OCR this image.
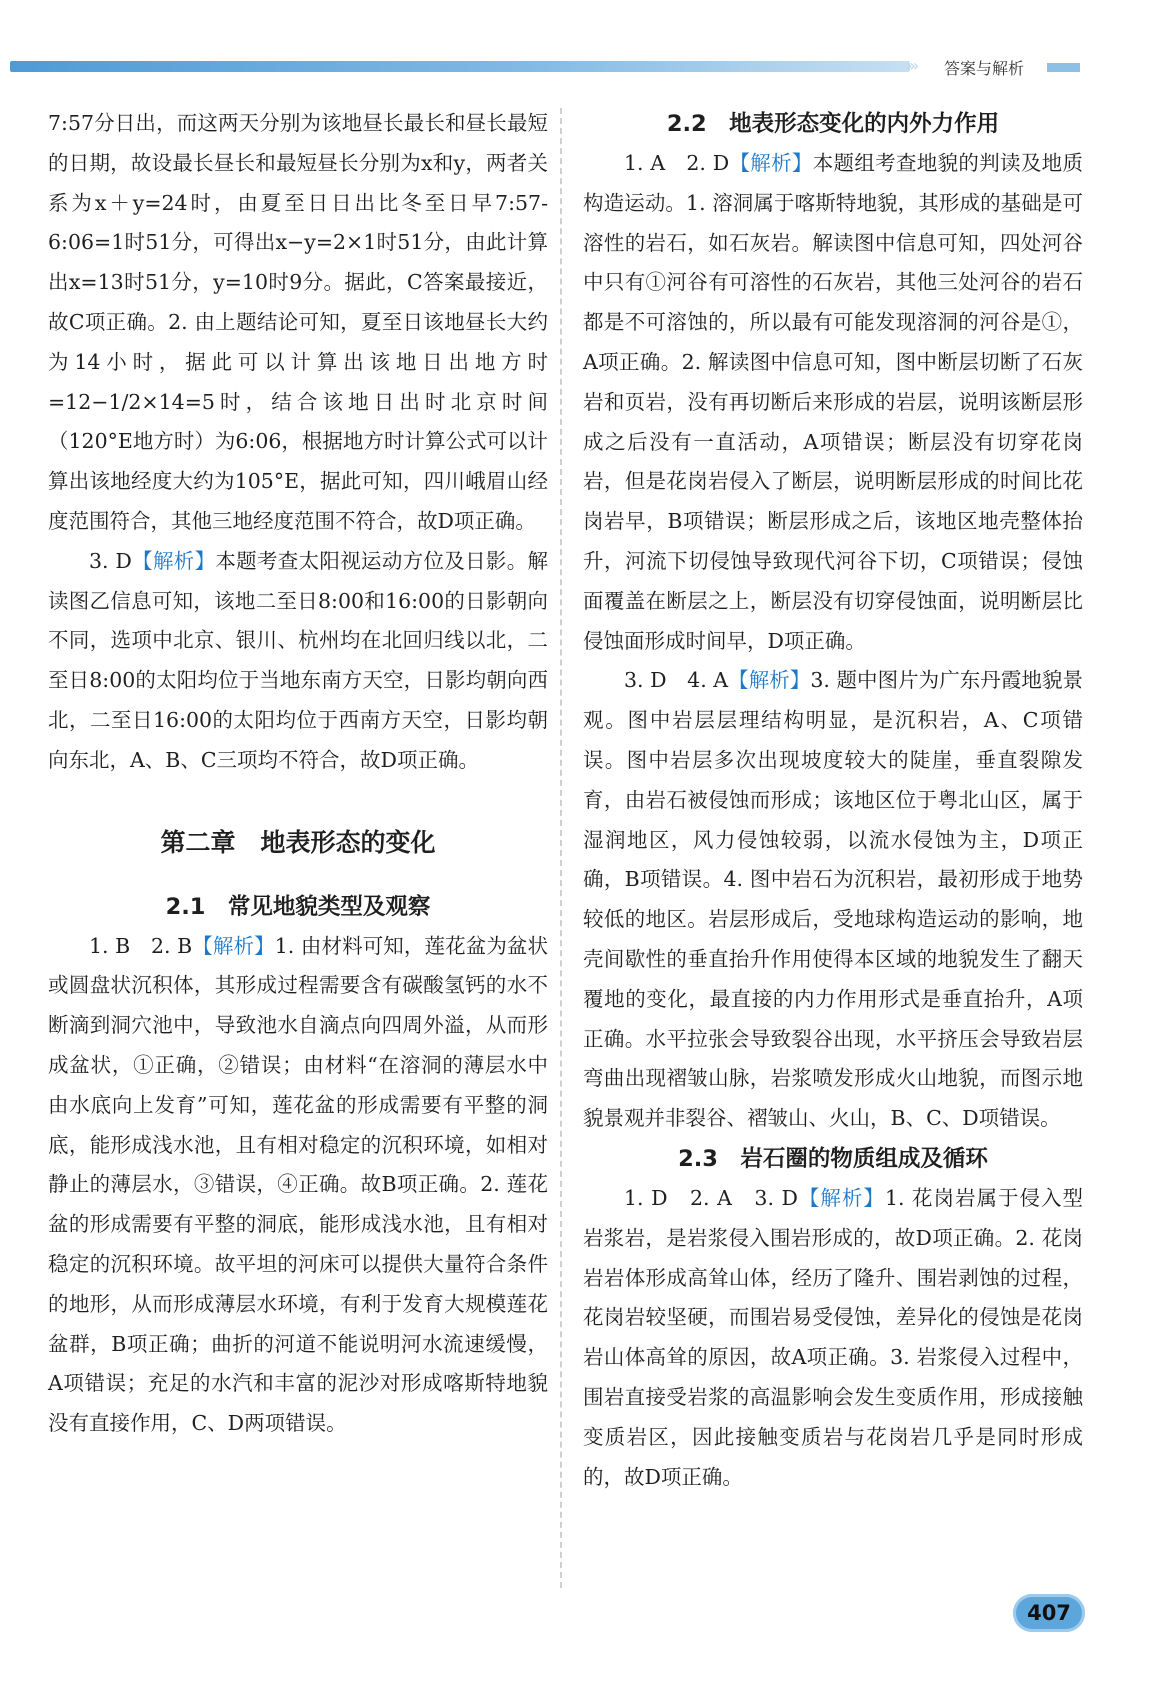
››› 答案与解析

7:57分日出，而这两天分别为该地昼长最长和昼长最短的日期，故设最长昼长和最短昼长分别为x和y，两者关系为x＋y=24时，由夏至日日出比冬至日早7:57-6:06=1时51分，可得出x−y=2×1时51分，由此计算出x=13时51分，y=10时9分。据此，C答案最接近，故C项正确。2. 由上题结论可知，夏至日该地昼长大约为14小时，据此可以计算出该地日出地方时=12−1/2×14=5时，结合该地日出时北京时间（120°E地方时）为6:06，根据地方时计算公式可以计算出该地经度大约为105°E，据此可知，四川峨眉山经度范围符合，其他三地经度范围不符合，故D项正确。

3. D【解析】本题考查太阳视运动方位及日影。解读图乙信息可知，该地二至日8:00和16:00的日影朝向不同，选项中北京、银川、杭州均在北回归线以北，二至日8:00的太阳均位于当地东南方天空，日影均朝向西北，二至日16:00的太阳均位于西南方天空，日影均朝向东北，A、B、C三项均不符合，故D项正确。

第二章　地表形态的变化
2.1　常见地貌类型及观察

1. B　2. B【解析】1. 由材料可知，莲花盆为盆状或圆盘状沉积体，其形成过程需要含有碳酸氢钙的水不断滴到洞穴池中，导致池水自滴点向四周外溢，从而形成盆状，①正确，②错误；由材料“在溶洞的薄层水中由水底向上发育”可知，莲花盆的形成需要有平整的洞底，能形成浅水池，且有相对稳定的沉积环境，如相对静止的薄层水，③错误，④正确。故B项正确。2. 莲花盆的形成需要有平整的洞底，能形成浅水池，且有相对稳定的沉积环境。故平坦的河床可以提供大量符合条件的地形，从而形成薄层水环境，有利于发育大规模莲花盆群，B项正确；曲折的河道不能说明河水流速缓慢，A项错误；充足的水汽和丰富的泥沙对形成喀斯特地貌没有直接作用，C、D两项错误。

2.2　地表形态变化的内外力作用

1. A　2. D【解析】本题组考查地貌的判读及地质构造运动。1. 溶洞属于喀斯特地貌，其形成的基础是可溶性的岩石，如石灰岩。解读图中信息可知，四处河谷中只有①河谷有可溶性的石灰岩，其他三处河谷的岩石都是不可溶蚀的，所以最有可能发现溶洞的河谷是①，A项正确。2. 解读图中信息可知，图中断层切断了石灰岩和页岩，没有再切断后来形成的岩层，说明该断层形成之后没有一直活动，A项错误；断层没有切穿花岗岩，但是花岗岩侵入了断层，说明断层形成的时间比花岗岩早，B项错误；断层形成之后，该地区地壳整体抬升，河流下切侵蚀导致现代河谷下切，C项错误；侵蚀面覆盖在断层之上，断层没有切穿侵蚀面，说明断层比侵蚀面形成时间早，D项正确。

3. D　4. A【解析】3. 题中图片为广东丹霞地貌景观。图中岩层层理结构明显，是沉积岩，A、C项错误。图中岩层多次出现坡度较大的陡崖，垂直裂隙发育，由岩石被侵蚀而形成；该地区位于粤北山区，属于湿润地区，风力侵蚀较弱，以流水侵蚀为主，D项正确，B项错误。4. 图中岩石为沉积岩，最初形成于地势较低的地区。岩层形成后，受地球构造运动的影响，地壳间歇性的垂直抬升作用使得本区域的地貌发生了翻天覆地的变化，最直接的内力作用形式是垂直抬升，A项正确。水平拉张会导致裂谷出现，水平挤压会导致岩层弯曲出现褶皱山脉，岩浆喷发形成火山地貌，而图示地貌景观并非裂谷、褶皱山、火山，B、C、D项错误。

2.3　岩石圈的物质组成及循环

1. D　2. A　3. D【解析】1. 花岗岩属于侵入型岩浆岩，是岩浆侵入围岩形成的，故D项正确。2. 花岗岩岩体形成高耸山体，经历了隆升、围岩剥蚀的过程，花岗岩较坚硬，而围岩易受侵蚀，差异化的侵蚀是花岗岩山体高耸的原因，故A项正确。3. 岩浆侵入过程中，围岩直接受岩浆的高温影响会发生变质作用，形成接触变质岩区，因此接触变质岩与花岗岩几乎是同时形成的，故D项正确。

407
